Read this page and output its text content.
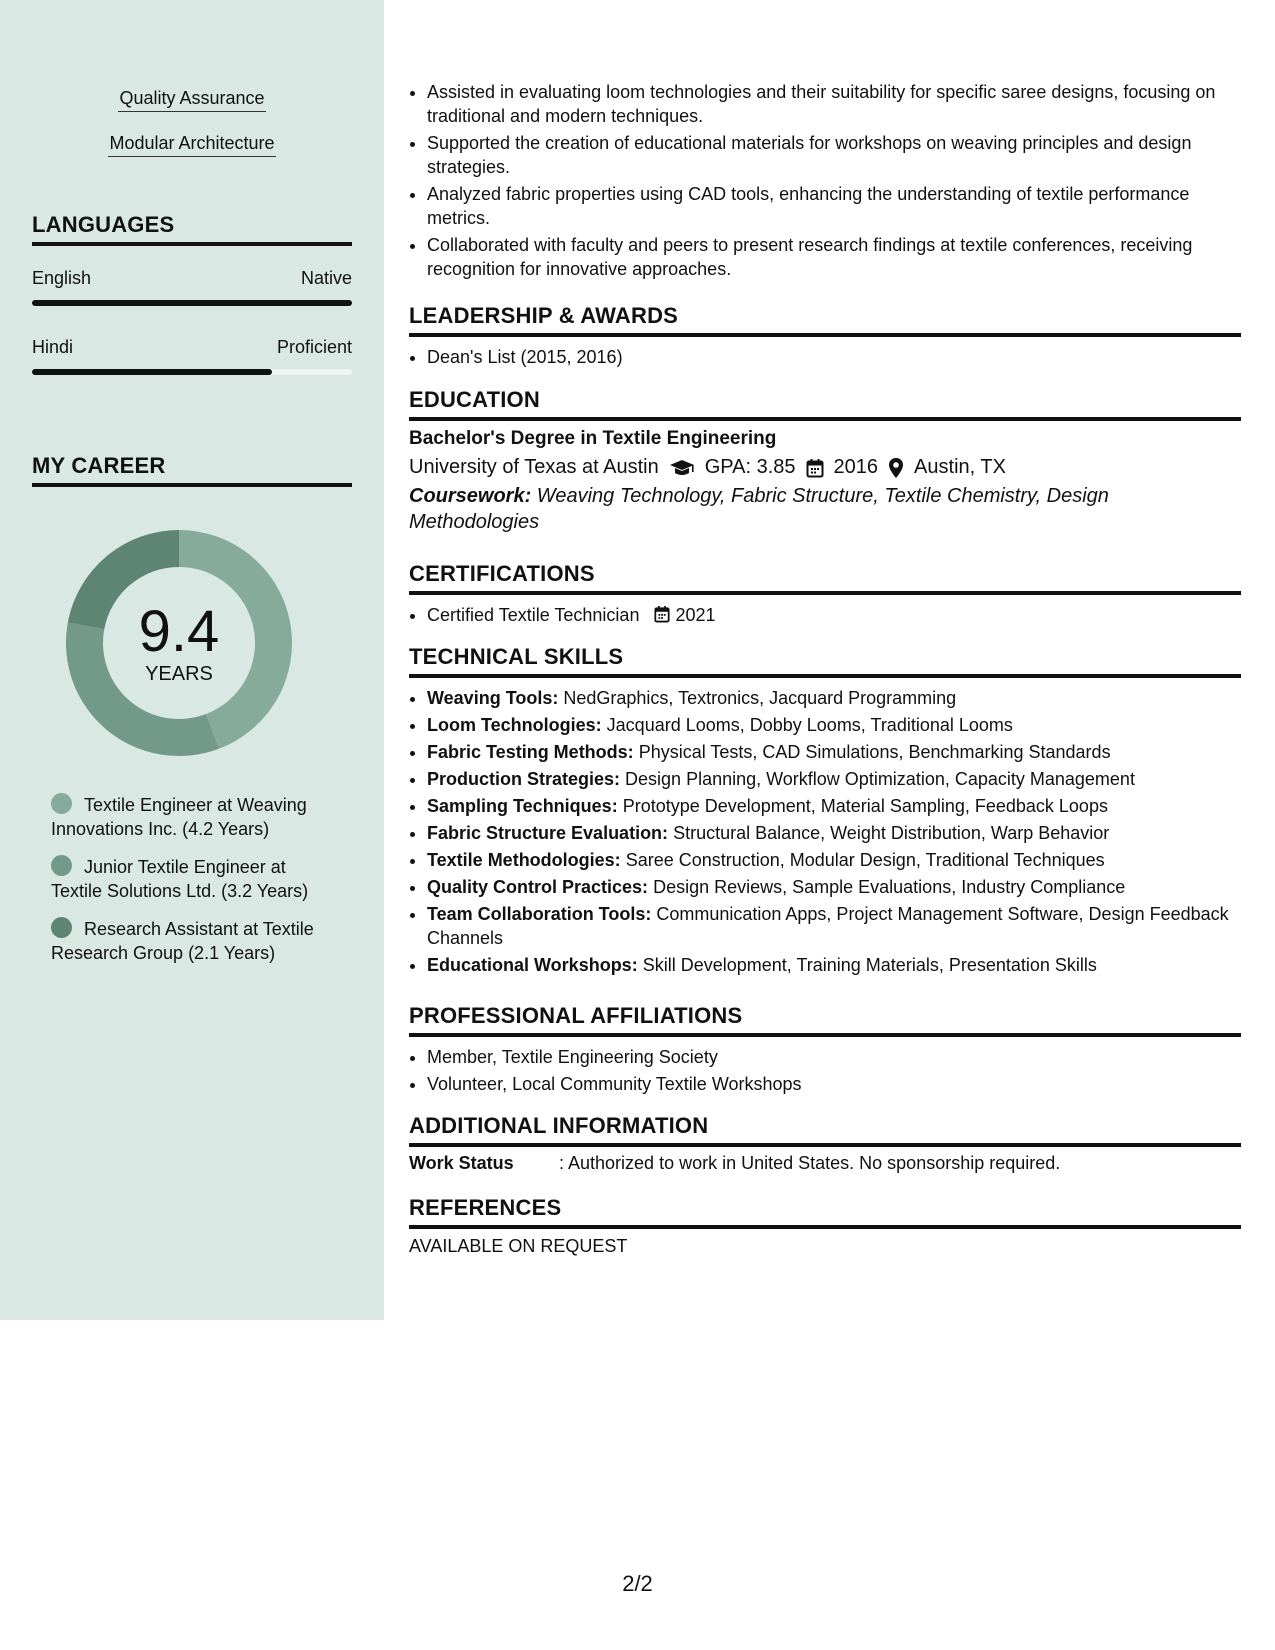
Quality Assurance
Modular Architecture
LANGUAGES
English	Native
Hindi	Proficient
MY CAREER
9.4
YEARS
Textile Engineer at Weaving Innovations Inc. (4.2 Years)
Junior Textile Engineer at Textile Solutions Ltd. (3.2 Years)
Research Assistant at Textile Research Group (2.1 Years)
• Assisted in evaluating loom technologies and their suitability for specific saree designs, focusing on traditional and modern techniques.
• Supported the creation of educational materials for workshops on weaving principles and design strategies.
• Analyzed fabric properties using CAD tools, enhancing the understanding of textile performance metrics.
• Collaborated with faculty and peers to present research findings at textile conferences, receiving recognition for innovative approaches.
LEADERSHIP & AWARDS
• Dean's List (2015, 2016)
EDUCATION
Bachelor's Degree in Textile Engineering
University of Texas at Austin GPA: 3.85 2016 Austin, TX
Coursework: Weaving Technology, Fabric Structure, Textile Chemistry, Design Methodologies
CERTIFICATIONS
• Certified Textile Technician 2021
TECHNICAL SKILLS
• Weaving Tools: NedGraphics, Textronics, Jacquard Programming
• Loom Technologies: Jacquard Looms, Dobby Looms, Traditional Looms
• Fabric Testing Methods: Physical Tests, CAD Simulations, Benchmarking Standards
• Production Strategies: Design Planning, Workflow Optimization, Capacity Management
• Sampling Techniques: Prototype Development, Material Sampling, Feedback Loops
• Fabric Structure Evaluation: Structural Balance, Weight Distribution, Warp Behavior
• Textile Methodologies: Saree Construction, Modular Design, Traditional Techniques
• Quality Control Practices: Design Reviews, Sample Evaluations, Industry Compliance
• Team Collaboration Tools: Communication Apps, Project Management Software, Design Feedback Channels
• Educational Workshops: Skill Development, Training Materials, Presentation Skills
PROFESSIONAL AFFILIATIONS
• Member, Textile Engineering Society
• Volunteer, Local Community Textile Workshops
ADDITIONAL INFORMATION
Work Status	: Authorized to work in United States. No sponsorship required.
REFERENCES
AVAILABLE ON REQUEST
2/2
